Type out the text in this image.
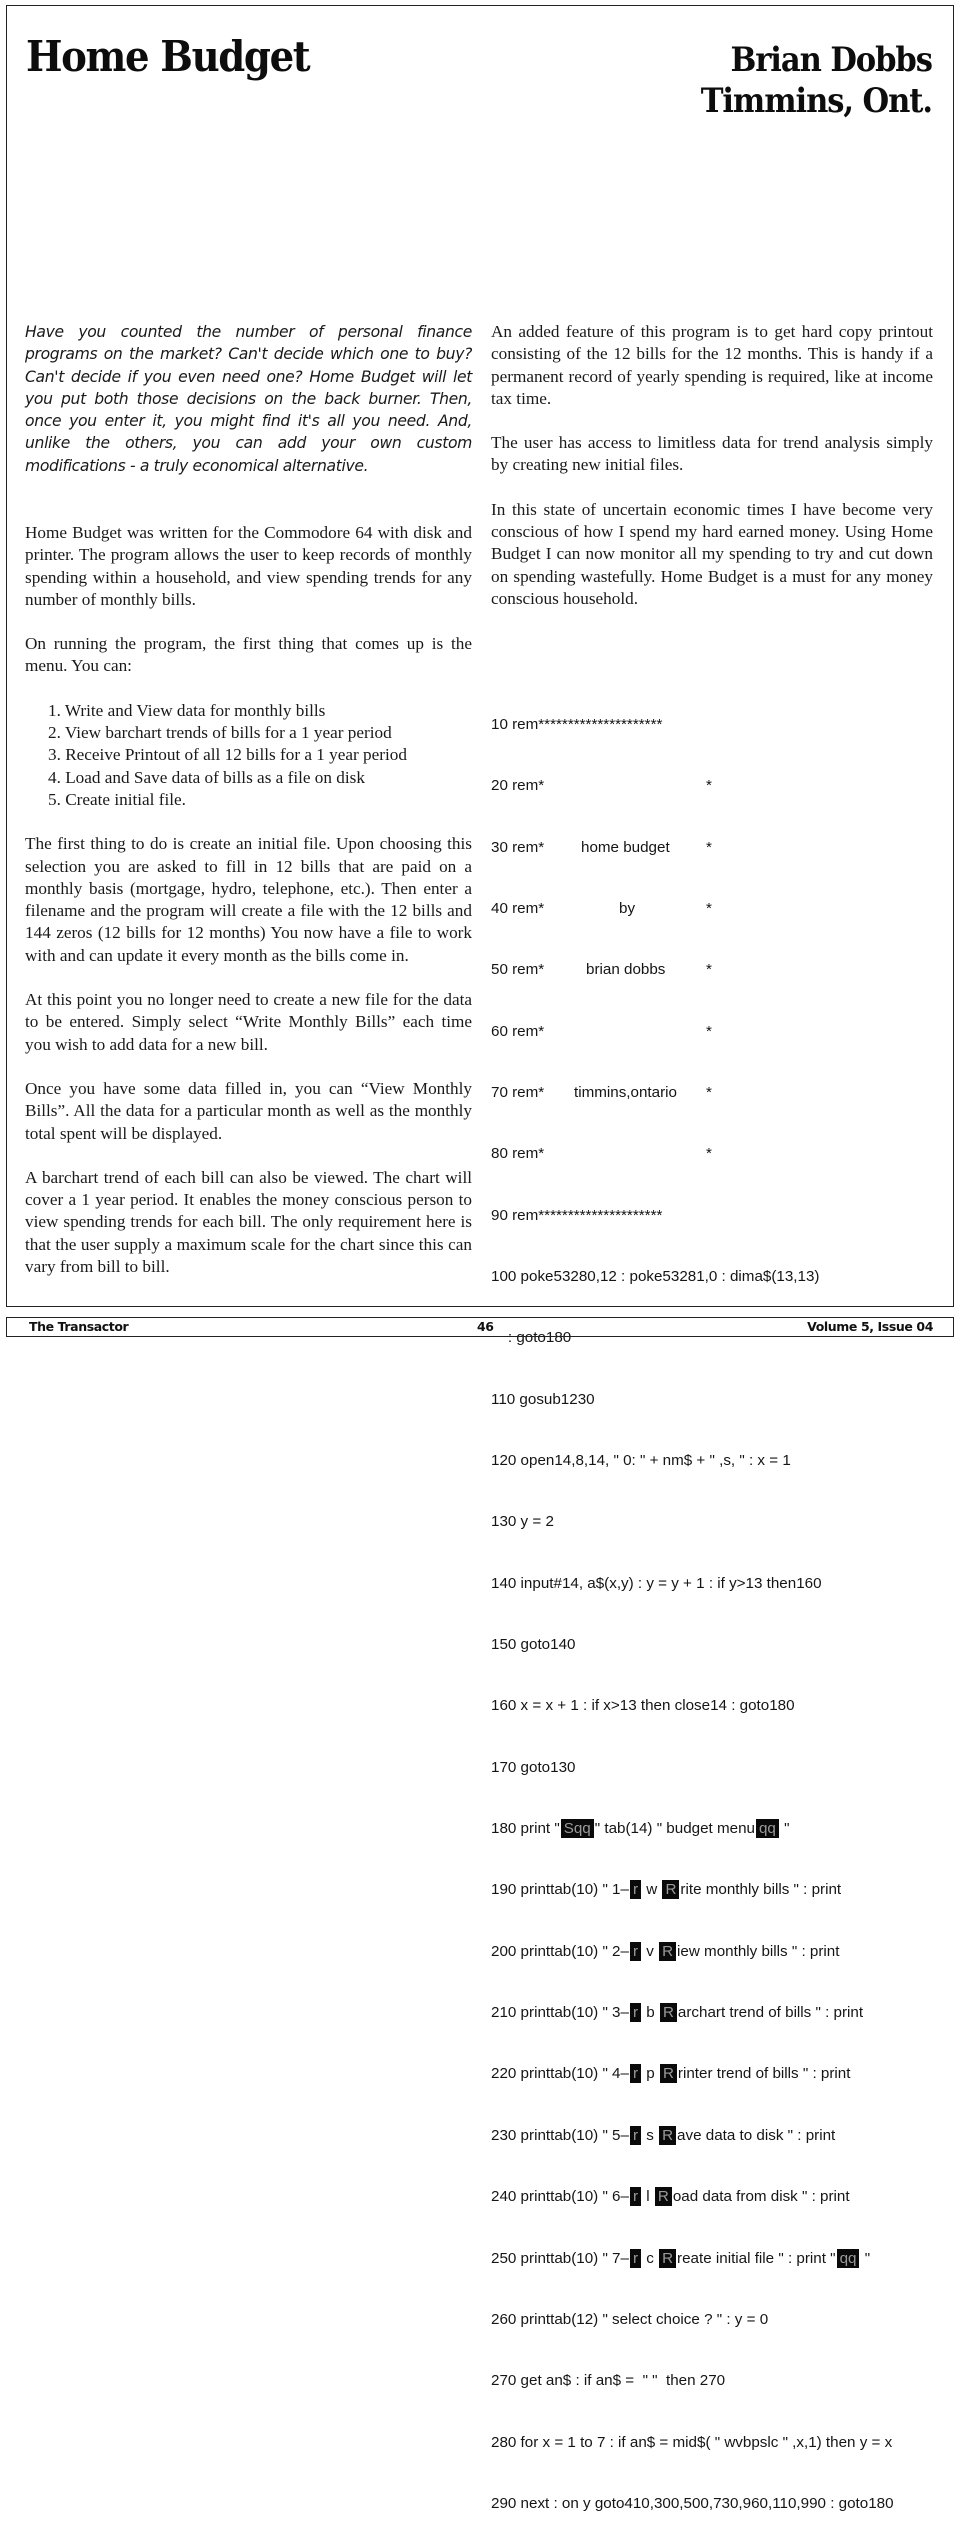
Home Budget	Brian Dobbs
Timmins, Ont.

Have you counted the number of personal finance programs on the market? Can't decide which one to buy? Can't decide if you even need one? Home Budget will let you put both those decisions on the back burner. Then, once you enter it, you might find it's all you need. And, unlike the others, you can add your own custom modifications - a truly economical alternative.

Home Budget was written for the Commodore 64 with disk and printer. The program allows the user to keep records of monthly spending within a household, and view spending trends for any number of monthly bills.

On running the program, the first thing that comes up is the menu. You can:

1. Write and View data for monthly bills
2. View barchart trends of bills for a 1 year period
3. Receive Printout of all 12 bills for a 1 year period
4. Load and Save data of bills as a file on disk
5. Create initial file.

The first thing to do is create an initial file. Upon choosing this selection you are asked to fill in 12 bills that are paid on a monthly basis (mortgage, hydro, telephone, etc.). Then enter a filename and the program will create a file with the 12 bills and 144 zeros (12 bills for 12 months) You now have a file to work with and can update it every month as the bills come in.

At this point you no longer need to create a new file for the data to be entered. Simply select “Write Monthly Bills” each time you wish to add data for a new bill.

Once you have some data filled in, you can “View Monthly Bills”. All the data for a particular month as well as the monthly total spent will be displayed.

A barchart trend of each bill can also be viewed. The chart will cover a 1 year period. It enables the money conscious person to view spending trends for each bill. The only requirement here is that the user supply a maximum scale for the chart since this can vary from bill to bill.

An added feature of this program is to get hard copy printout consisting of the 12 bills for the 12 months. This is handy if a permanent record of yearly spending is required, like at income tax time.

The user has access to limitless data for trend analysis simply by creating new initial files.

In this state of uncertain economic times I have become very conscious of how I spend my hard earned money. Using Home Budget I can now monitor all my spending to try and cut down on spending wastefully. Home Budget is a must for any money conscious household.

10 rem*********************

20 rem*	*

30 rem* home budget *

40 rem*	by	*

50 rem*	brian dobbs	*

60 rem*	*

70 rem* timmins,ontario *

80 rem*	*

90 rem*********************

100 poke53280,12 : poke53281,0 : dima$(13,13)

: goto180

110 gosub1230

120 open14,8,14, " 0: " + nm$ + " ,s, " : x = 1

130 y = 2

140 input#14, a$(x,y) : y = y + 1 : if y>13 then160

150 goto140

160 x = x + 1 : if x>13 then close14 : goto180

170 goto130

180 print " Sqq " tab(14) " budget menu qq "

190 printtab(10) " 1– r w R rite monthly bills " : print

200 printtab(10) " 2– r v R iew monthly bills " : print

210 printtab(10) " 3– r b R archart trend of bills " : print

220 printtab(10) " 4– r p R rinter trend of bills " : print

230 printtab(10) " 5– r s R ave data to disk " : print

240 printtab(10) " 6– r l R oad data from disk " : print

250 printtab(10) " 7– r c R reate initial file " : print " qq "

260 printtab(12) " select choice ? " : y = 0

270 get an$ : if an$ =  " "  then 270

280 for x = 1 to 7 : if an$ = mid$( " wvbpslc " ,x,1) then y = x

290 next : on y goto410,300,500,730,960,110,990 : goto180

The Transactor	46	Volume 5, Issue 04
